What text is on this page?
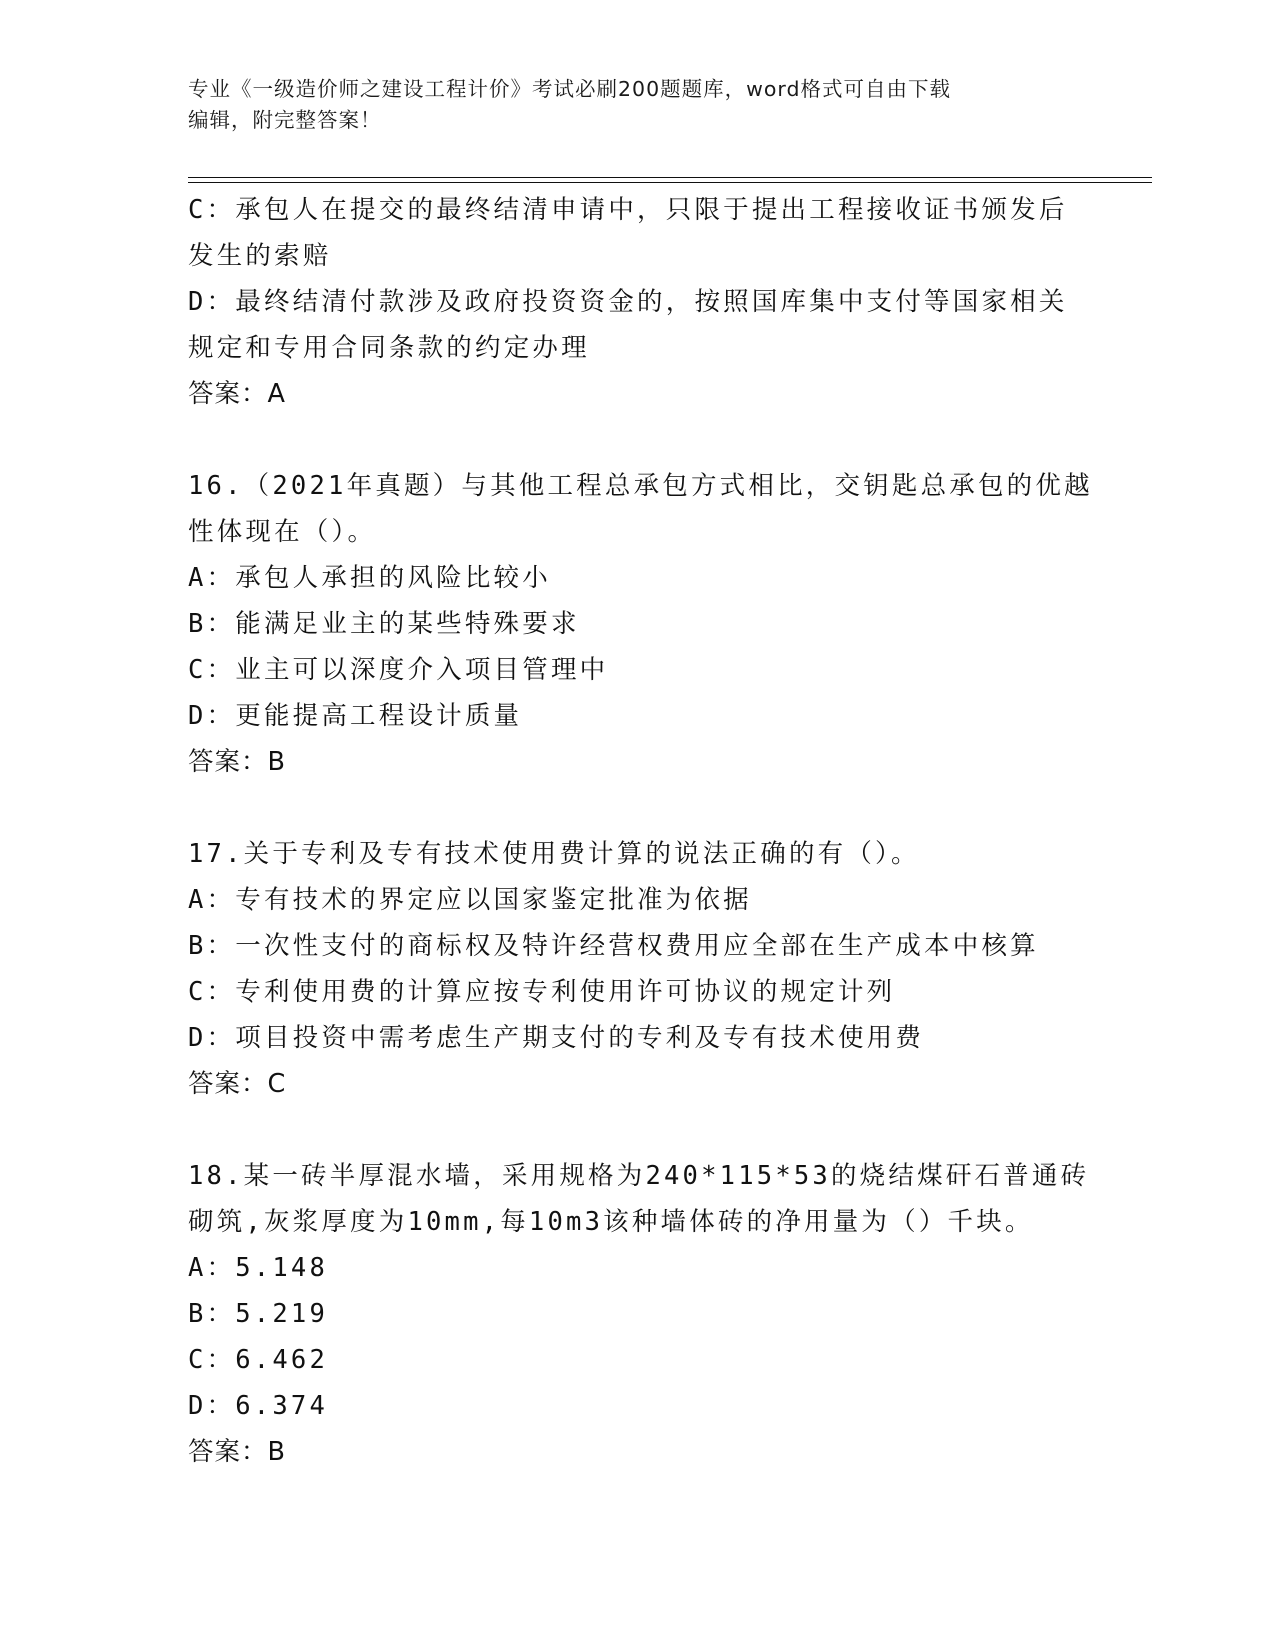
专业《一级造价师之建设工程计价》考试必刷200题题库，word格式可自由下载
编辑，附完整答案！
C：承包人在提交的最终结清申请中，只限于提出工程接收证书颁发后
发生的索赔
D：最终结清付款涉及政府投资资金的，按照国库集中支付等国家相关
规定和专用合同条款的约定办理
答案：A
16.（2021年真题）与其他工程总承包方式相比，交钥匙总承包的优越
性体现在（）。
A：承包人承担的风险比较小
B：能满足业主的某些特殊要求
C：业主可以深度介入项目管理中
D：更能提高工程设计质量
答案：B
17.关于专利及专有技术使用费计算的说法正确的有（）。
A：专有技术的界定应以国家鉴定批准为依据
B：一次性支付的商标权及特许经营权费用应全部在生产成本中核算
C：专利使用费的计算应按专利使用许可协议的规定计列
D：项目投资中需考虑生产期支付的专利及专有技术使用费
答案：C
18.某一砖半厚混水墙，采用规格为240*115*53的烧结煤矸石普通砖
砌筑,灰浆厚度为10mm,每10m3该种墙体砖的净用量为（）千块。
A：5.148
B：5.219
C：6.462
D：6.374
答案：B
